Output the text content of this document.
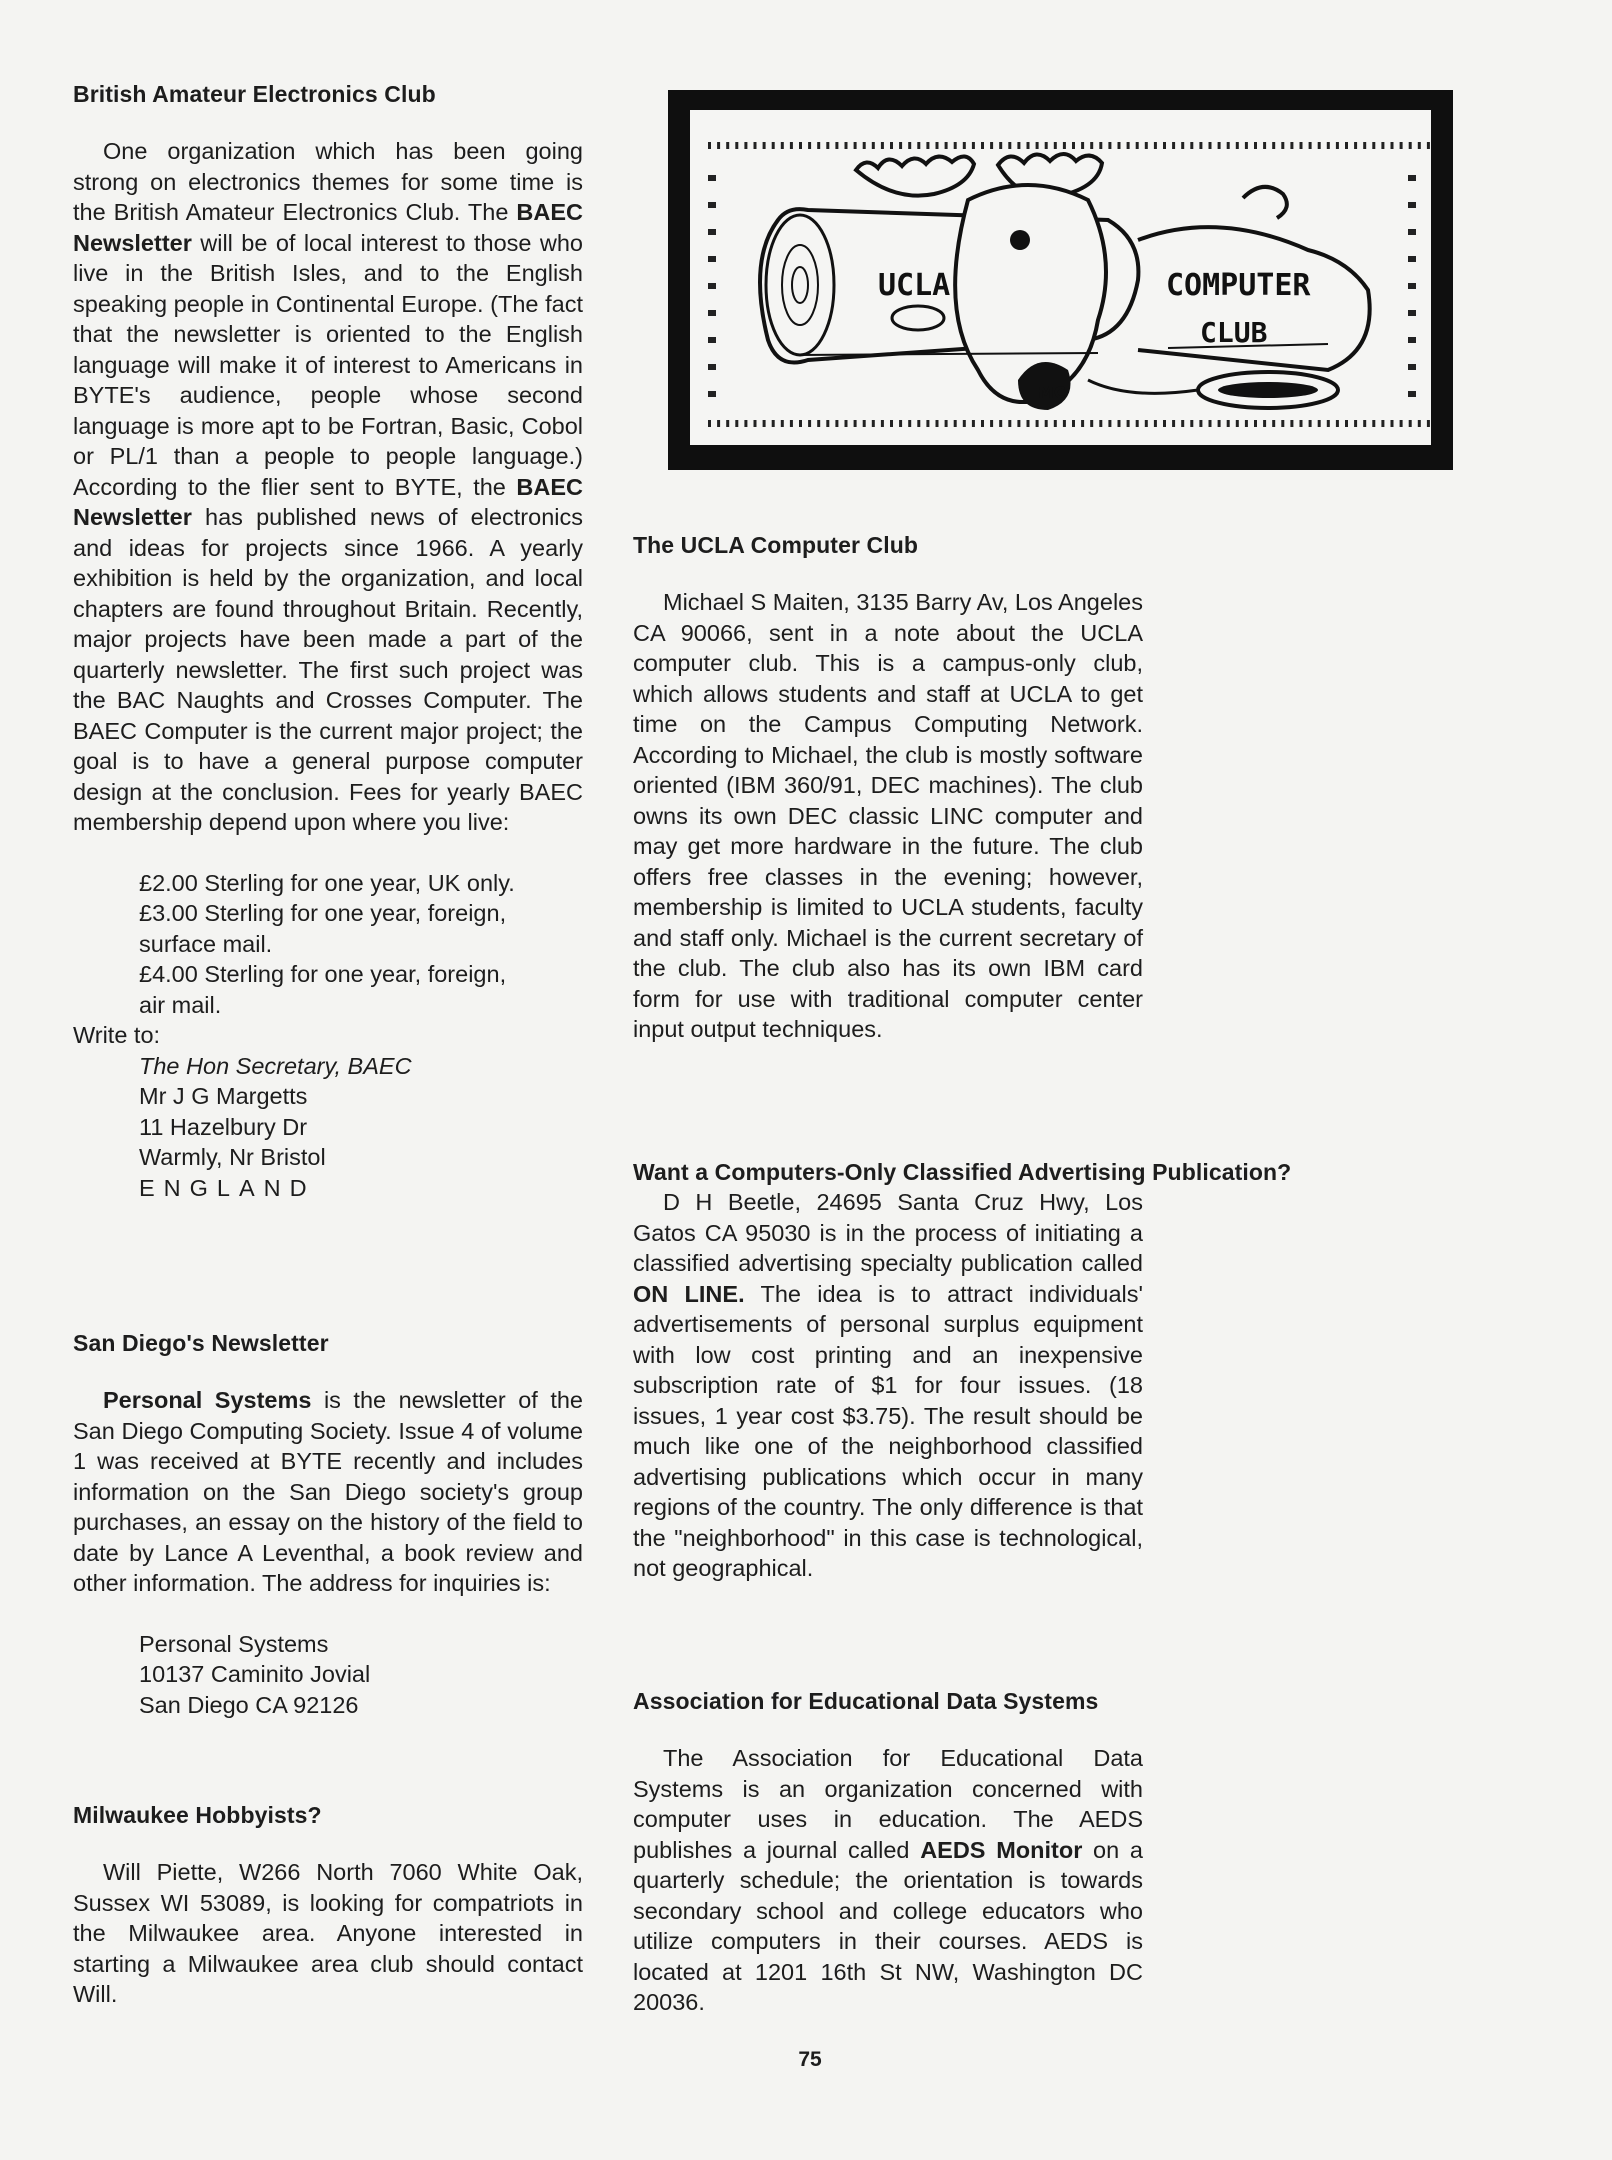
British Amateur Electronics Club

One organization which has been going strong on electronics themes for some time is the British Amateur Electronics Club. The BAEC Newsletter will be of local interest to those who live in the British Isles, and to the English speaking people in Continental Europe. (The fact that the newsletter is oriented to the English language will make it of interest to Americans in BYTE's audience, people whose second language is more apt to be Fortran, Basic, Cobol or PL/1 than a people to people language.) According to the flier sent to BYTE, the BAEC Newsletter has published news of electronics and ideas for projects since 1966. A yearly exhibition is held by the organization, and local chapters are found throughout Britain. Recently, major projects have been made a part of the quarterly newsletter. The first such project was the BAC Naughts and Crosses Computer. The BAEC Computer is the current major project; the goal is to have a general purpose computer design at the conclusion. Fees for yearly BAEC membership depend upon where you live:

£2.00 Sterling for one year, UK only.
£3.00 Sterling for one year, foreign,
surface mail.
£4.00 Sterling for one year, foreign,
air mail.

Write to:

The Hon Secretary, BAEC
Mr J G Margetts
11 Hazelbury Dr
Warmly, Nr Bristol
ENGLAND
San Diego's Newsletter

Personal Systems is the newsletter of the San Diego Computing Society. Issue 4 of volume 1 was received at BYTE recently and includes information on the San Diego society's group purchases, an essay on the history of the field to date by Lance A Leventhal, a book review and other information. The address for inquiries is:

Personal Systems
10137 Caminito Jovial
San Diego CA 92126
Milwaukee Hobbyists?

Will Piette, W266 North 7060 White Oak, Sussex WI 53089, is looking for compatriots in the Milwaukee area. Anyone interested in starting a Milwaukee area club should contact Will.

UCLA	COMPUTER
CLUB
MC
The UCLA Computer Club

Michael S Maiten, 3135 Barry Av, Los Angeles CA 90066, sent in a note about the UCLA computer club. This is a campus-only club, which allows students and staff at UCLA to get time on the Campus Computing Network. According to Michael, the club is mostly software oriented (IBM 360/91, DEC machines). The club owns its own DEC classic LINC computer and may get more hardware in the future. The club offers free classes in the evening; however, membership is limited to UCLA students, faculty and staff only. Michael is the current secretary of the club. The club also has its own IBM card form for use with traditional computer center input output techniques.

Want a Computers-Only Classified Advertising Publication?

D H Beetle, 24695 Santa Cruz Hwy, Los Gatos CA 95030 is in the process of initiating a classified advertising specialty publication called ON LINE. The idea is to attract individuals' advertisements of personal surplus equipment with low cost printing and an inexpensive subscription rate of $1 for four issues. (18 issues, 1 year cost $3.75). The result should be much like one of the neighborhood classified advertising publications which occur in many regions of the country. The only difference is that the "neighborhood" in this case is technological, not geographical.

Association for Educational Data Systems

The Association for Educational Data Systems is an organization concerned with computer uses in education. The AEDS publishes a journal called AEDS Monitor on a quarterly schedule; the orientation is towards secondary school and college educators who utilize computers in their courses. AEDS is located at 1201 16th St NW, Washington DC 20036.

75
